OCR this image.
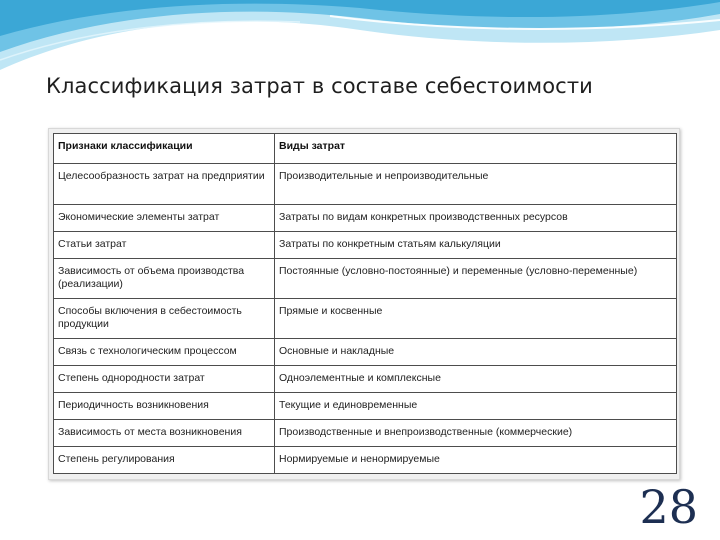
Классификация затрат в составе себестоимости
Признаки классификации	Виды затрат
Целесообразность затрат на предприятии	Производительные и непроизводительные
Экономические элементы затрат	Затраты по видам конкретных производственных ресурсов
Статьи затрат	Затраты по конкретным статьям калькуляции
Зависимость от объема производства (реализации)	Постоянные (условно-постоянные) и переменные (условно-переменные)
Способы включения в себестоимость продукции	Прямые и косвенные
Связь с технологическим процессом	Основные и накладные
Степень однородности затрат	Одноэлементные и комплексные
Периодичность возникновения	Текущие и единовременные
Зависимость от места возникновения	Производственные и внепроизводственные (коммерческие)
Степень регулирования	Нормируемые и ненормируемые
28
